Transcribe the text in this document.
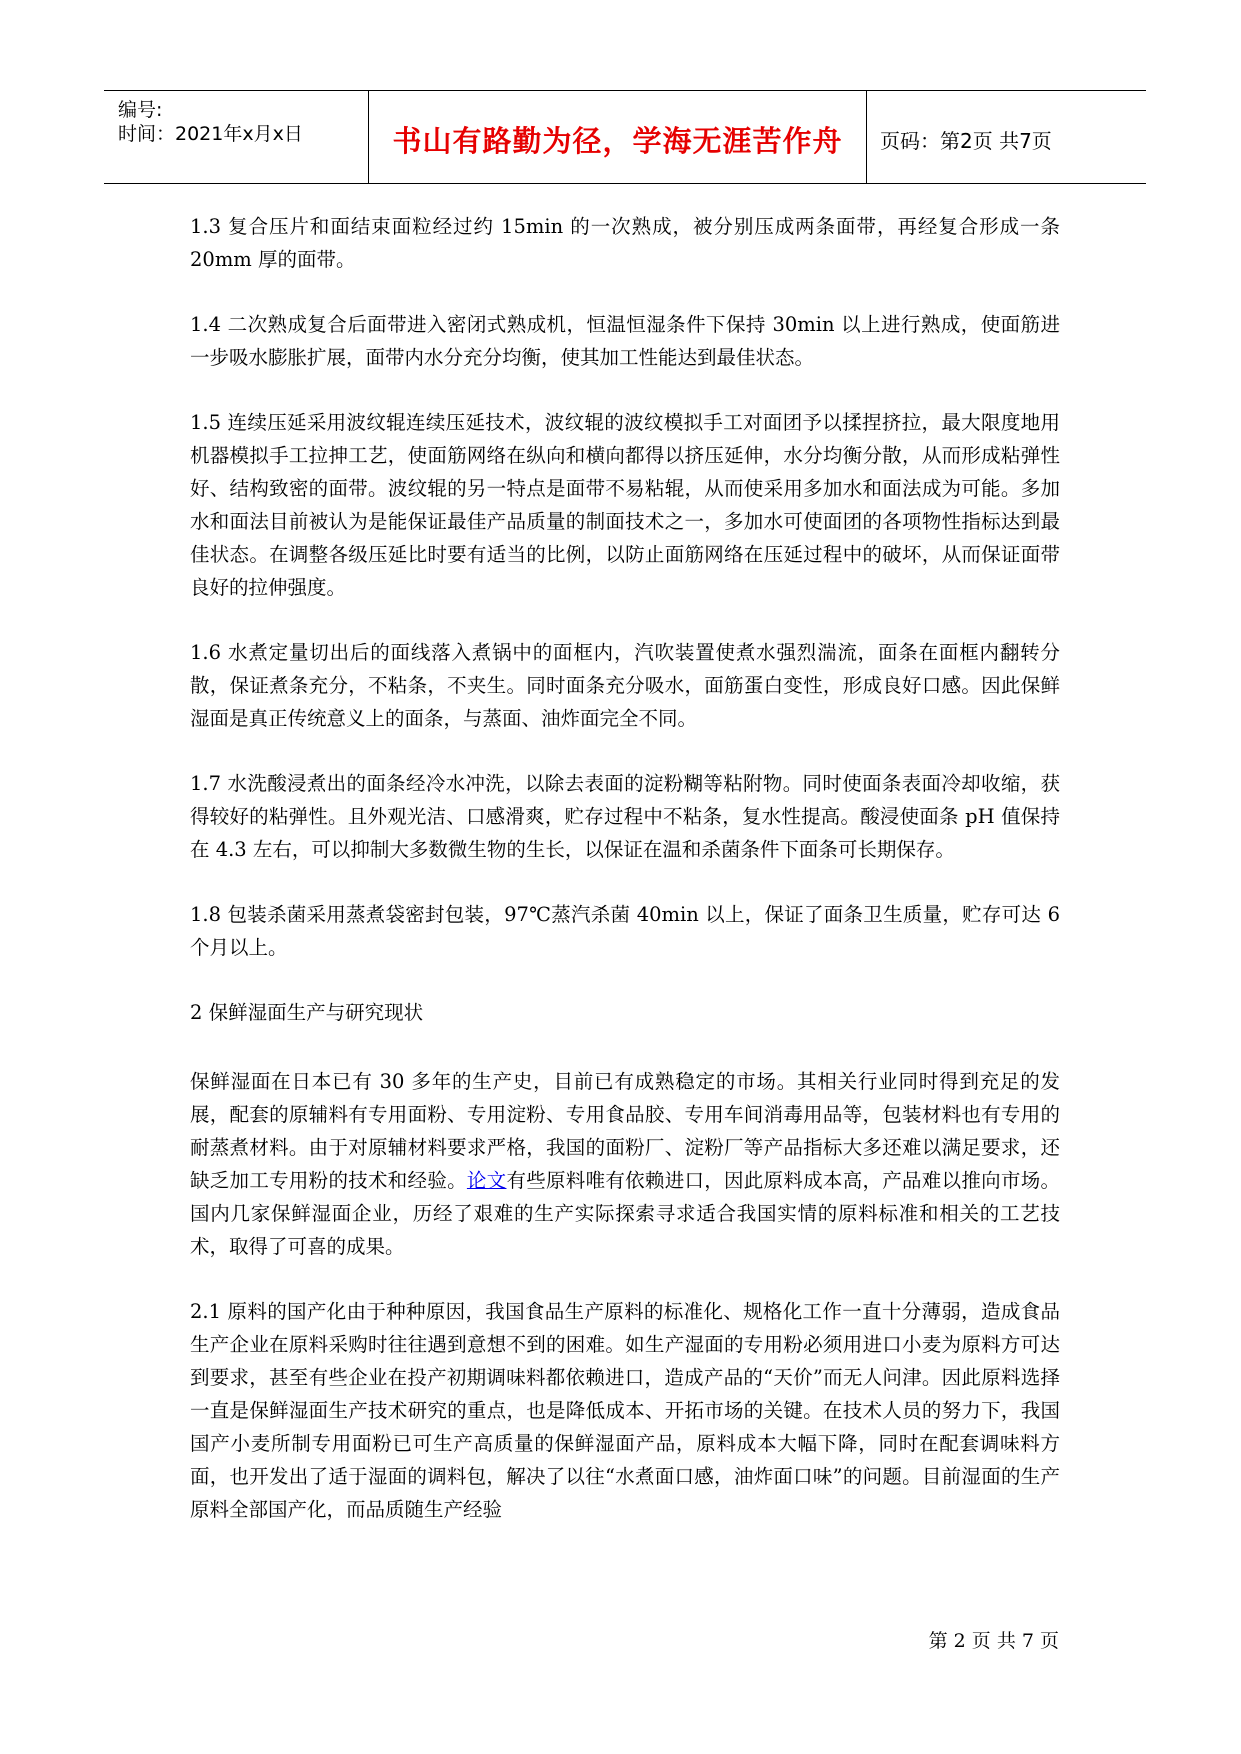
编号:
时间：2021年x月x日	书山有路勤为径，学海无涯苦作舟	页码：第2页 共7页

1.3 复合压片和面结束面粒经过约 15min 的一次熟成，被分别压成两条面带，再经复合形成一条 20mm 厚的面带。

1.4 二次熟成复合后面带进入密闭式熟成机，恒温恒湿条件下保持 30min 以上进行熟成，使面筋进一步吸水膨胀扩展，面带内水分充分均衡，使其加工性能达到最佳状态。

1.5 连续压延采用波纹辊连续压延技术，波纹辊的波纹模拟手工对面团予以揉捏挤拉，最大限度地用机器模拟手工拉抻工艺，使面筋网络在纵向和横向都得以挤压延伸，水分均衡分散，从而形成粘弹性好、结构致密的面带。波纹辊的另一特点是面带不易粘辊，从而使采用多加水和面法成为可能。多加水和面法目前被认为是能保证最佳产品质量的制面技术之一，多加水可使面团的各项物性指标达到最佳状态。在调整各级压延比时要有适当的比例，以防止面筋网络在压延过程中的破坏，从而保证面带良好的拉伸强度。

1.6 水煮定量切出后的面线落入煮锅中的面框内，汽吹装置使煮水强烈湍流，面条在面框内翻转分散，保证煮条充分，不粘条，不夹生。同时面条充分吸水，面筋蛋白变性，形成良好口感。因此保鲜湿面是真正传统意义上的面条，与蒸面、油炸面完全不同。

1.7 水洗酸浸煮出的面条经冷水冲洗，以除去表面的淀粉糊等粘附物。同时使面条表面冷却收缩，获得较好的粘弹性。且外观光洁、口感滑爽，贮存过程中不粘条，复水性提高。酸浸使面条 pH 值保持在 4.3 左右，可以抑制大多数微生物的生长，以保证在温和杀菌条件下面条可长期保存。

1.8 包装杀菌采用蒸煮袋密封包装，97℃蒸汽杀菌 40min 以上，保证了面条卫生质量，贮存可达 6 个月以上。

2 保鲜湿面生产与研究现状

保鲜湿面在日本已有 30 多年的生产史，目前已有成熟稳定的市场。其相关行业同时得到充足的发展，配套的原辅料有专用面粉、专用淀粉、专用食品胶、专用车间消毒用品等，包装材料也有专用的耐蒸煮材料。由于对原辅材料要求严格，我国的面粉厂、淀粉厂等产品指标大多还难以满足要求，还缺乏加工专用粉的技术和经验。论文有些原料唯有依赖进口，因此原料成本高，产品难以推向市场。国内几家保鲜湿面企业，历经了艰难的生产实际探索寻求适合我国实情的原料标准和相关的工艺技术，取得了可喜的成果。

2.1 原料的国产化由于种种原因，我国食品生产原料的标准化、规格化工作一直十分薄弱，造成食品生产企业在原料采购时往往遇到意想不到的困难。如生产湿面的专用粉必须用进口小麦为原料方可达到要求，甚至有些企业在投产初期调味料都依赖进口，造成产品的“天价”而无人问津。因此原料选择一直是保鲜湿面生产技术研究的重点，也是降低成本、开拓市场的关键。在技术人员的努力下，我国国产小麦所制专用面粉已可生产高质量的保鲜湿面产品，原料成本大幅下降，同时在配套调味料方面，也开发出了适于湿面的调料包，解决了以往“水煮面口感，油炸面口味”的问题。目前湿面的生产原料全部国产化，而品质随生产经验

第 2 页 共 7 页
